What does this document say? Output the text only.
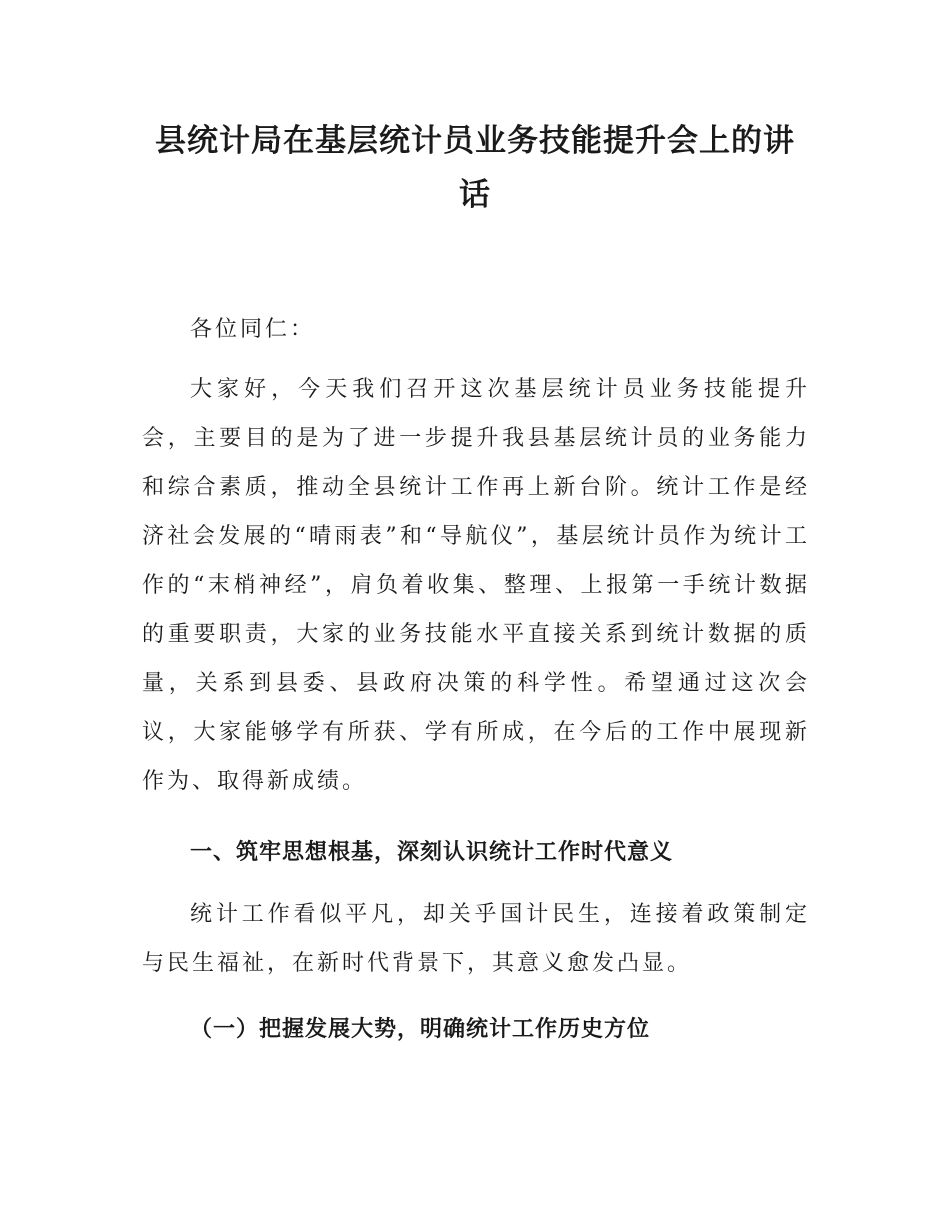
县统计局在基层统计员业务技能提升会上的讲话

各位同仁：

大家好，今天我们召开这次基层统计员业务技能提升会，主要目的是为了进一步提升我县基层统计员的业务能力和综合素质，推动全县统计工作再上新台阶。统计工作是经济社会发展的“晴雨表”和“导航仪”，基层统计员作为统计工作的“末梢神经”，肩负着收集、整理、上报第一手统计数据的重要职责，大家的业务技能水平直接关系到统计数据的质量，关系到县委、县政府决策的科学性。希望通过这次会议，大家能够学有所获、学有所成，在今后的工作中展现新作为、取得新成绩。

一、筑牢思想根基，深刻认识统计工作时代意义

统计工作看似平凡，却关乎国计民生，连接着政策制定与民生福祉，在新时代背景下，其意义愈发凸显。

（一）把握发展大势，明确统计工作历史方位
